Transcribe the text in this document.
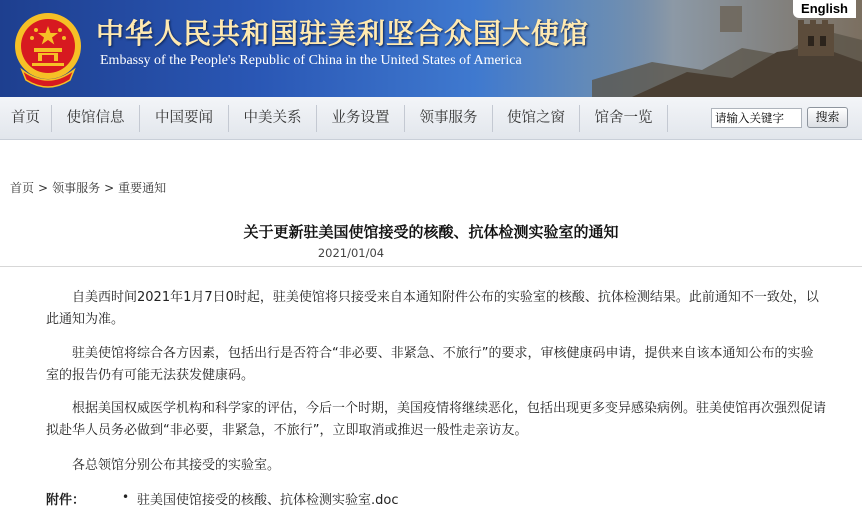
中华人民共和国驻美利坚合众国大使馆
Embassy of the People's Republic of China in the United States of America
English
首页	使馆信息	中国要闻	中美关系	业务设置	领事服务	使馆之窗	馆舍一览
请输入关键字	搜索
首页 > 领事服务 > 重要通知
关于更新驻美国使馆接受的核酸、抗体检测实验室的通知
2021/01/04

自美西时间2021年1月7日0时起，驻美使馆将只接受来自本通知附件公布的实验室的核酸、抗体检测结果。此前通知不一致处，以此通知为准。

驻美使馆将综合各方因素，包括出行是否符合“非必要、非紧急、不旅行”的要求，审核健康码申请，提供来自该本通知公布的实验室的报告仍有可能无法获发健康码。

根据美国权威医学机构和科学家的评估，今后一个时期，美国疫情将继续恶化，包括出现更多变异感染病例。驻美使馆再次强烈促请拟赴华人员务必做到“非必要，非紧急，不旅行”，立即取消或推迟一般性走亲访友。

各总领馆分别公布其接受的实验室。

附件：	• 驻美国使馆接受的核酸、抗体检测实验室.doc
